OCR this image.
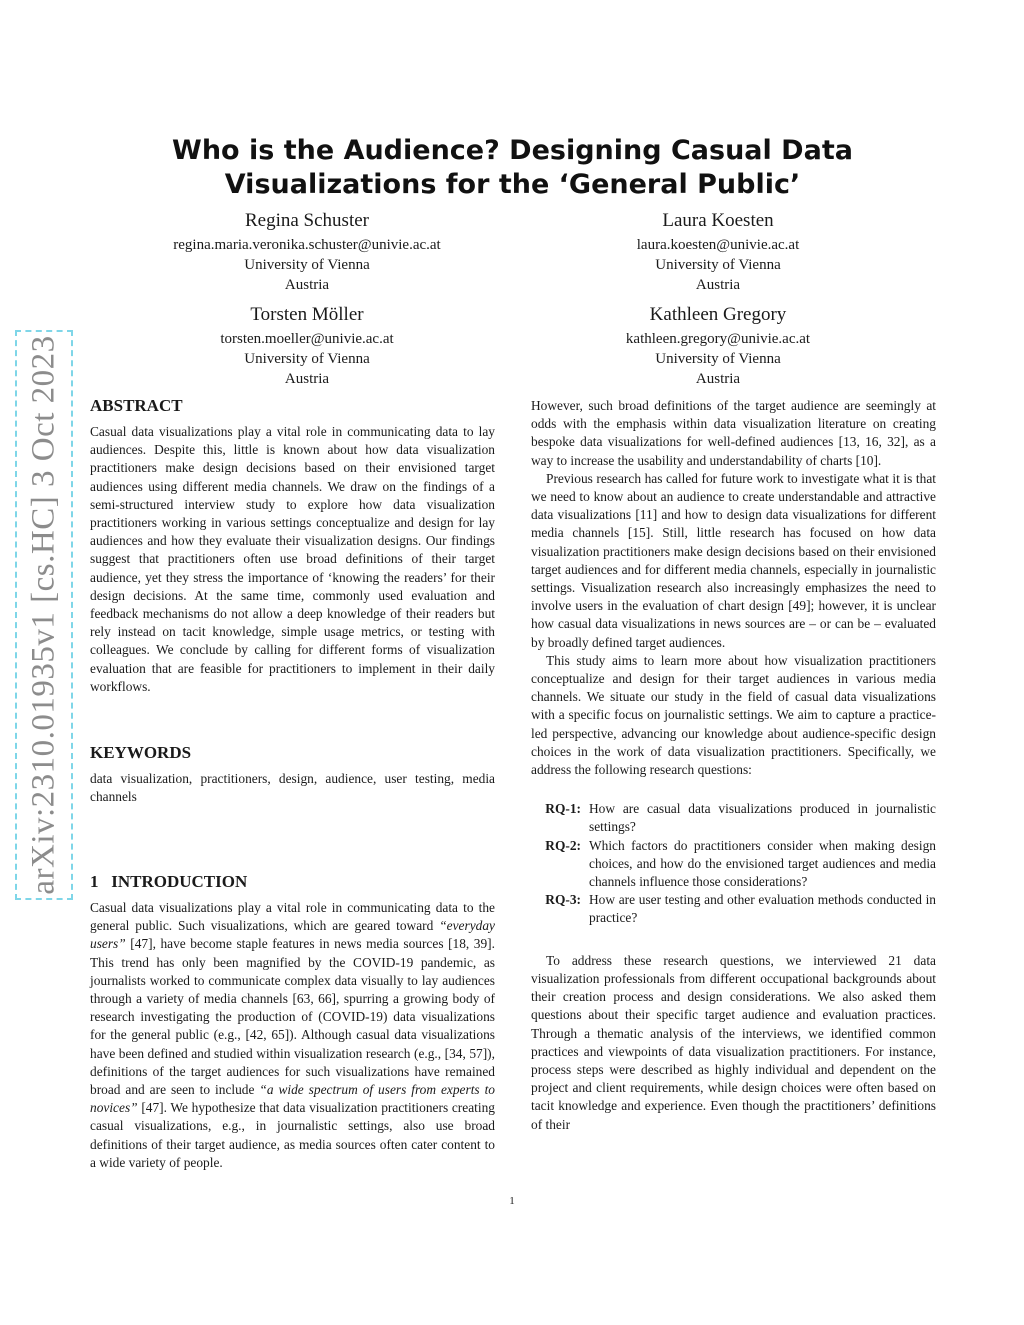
arXiv:2310.01935v1 [cs.HC] 3 Oct 2023
Who is the Audience? Designing Casual Data Visualizations for the ‘General Public’
Regina Schuster
regina.maria.veronika.schuster@univie.ac.at
University of Vienna
Austria
Laura Koesten
laura.koesten@univie.ac.at
University of Vienna
Austria
Torsten Möller
torsten.moeller@univie.ac.at
University of Vienna
Austria
Kathleen Gregory
kathleen.gregory@univie.ac.at
University of Vienna
Austria
ABSTRACT

Casual data visualizations play a vital role in communicating data to lay audiences. Despite this, little is known about how data visualization practitioners make design decisions based on their envisioned target audiences using different media channels. We draw on the findings of a semi-structured interview study to explore how data visualization practitioners working in various settings conceptualize and design for lay audiences and how they evaluate their visualization designs. Our findings suggest that practitioners often use broad definitions of their target audience, yet they stress the importance of ‘knowing the readers’ for their design decisions. At the same time, commonly used evaluation and feedback mechanisms do not allow a deep knowledge of their readers but rely instead on tacit knowledge, simple usage metrics, or testing with colleagues. We conclude by calling for different forms of visualization evaluation that are feasible for practitioners to implement in their daily workflows.

KEYWORDS

data visualization, practitioners, design, audience, user testing, media channels

1   INTRODUCTION

Casual data visualizations play a vital role in communicating data to the general public. Such visualizations, which are geared toward “everyday users” [47], have become staple features in news media sources [18, 39]. This trend has only been magnified by the COVID-19 pandemic, as journalists worked to communicate complex data visually to lay audiences through a variety of media channels [63, 66], spurring a growing body of research investigating the production of (COVID-19) data visualizations for the general public (e.g., [42, 65]). Although casual data visualizations have been defined and studied within visualization research (e.g., [34, 57]), definitions of the target audiences for such visualizations have remained broad and are seen to include “a wide spectrum of users from experts to novices” [47]. We hypothesize that data visualization practitioners creating casual visualizations, e.g., in journalistic settings, also use broad definitions of their target audience, as media sources often cater content to a wide variety of people.

However, such broad definitions of the target audience are seemingly at odds with the emphasis within data visualization literature on creating bespoke data visualizations for well-defined audiences [13, 16, 32], as a way to increase the usability and understandability of charts [10].

Previous research has called for future work to investigate what it is that we need to know about an audience to create understandable and attractive data visualizations [11] and how to design data visualizations for different media channels [15]. Still, little research has focused on how data visualization practitioners make design decisions based on their envisioned target audiences and for different media channels, especially in journalistic settings. Visualization research also increasingly emphasizes the need to involve users in the evaluation of chart design [49]; however, it is unclear how casual data visualizations in news sources are – or can be – evaluated by broadly defined target audiences.

This study aims to learn more about how visualization practitioners conceptualize and design for their target audiences in various media channels. We situate our study in the field of casual data visualizations with a specific focus on journalistic settings. We aim to capture a practice-led perspective, advancing our knowledge about audience-specific design choices in the work of data visualization practitioners. Specifically, we address the following research questions:

RQ-1: How are casual data visualizations produced in journalistic settings?
RQ-2: Which factors do practitioners consider when making design choices, and how do the envisioned target audiences and media channels influence those considerations?
RQ-3: How are user testing and other evaluation methods conducted in practice?

To address these research questions, we interviewed 21 data visualization professionals from different occupational backgrounds about their creation process and design considerations. We also asked them questions about their specific target audience and evaluation practices. Through a thematic analysis of the interviews, we identified common practices and viewpoints of data visualization practitioners. For instance, process steps were described as highly individual and dependent on the project and client requirements, while design choices were often based on tacit knowledge and experience. Even though the practitioners’ definitions of their

1
